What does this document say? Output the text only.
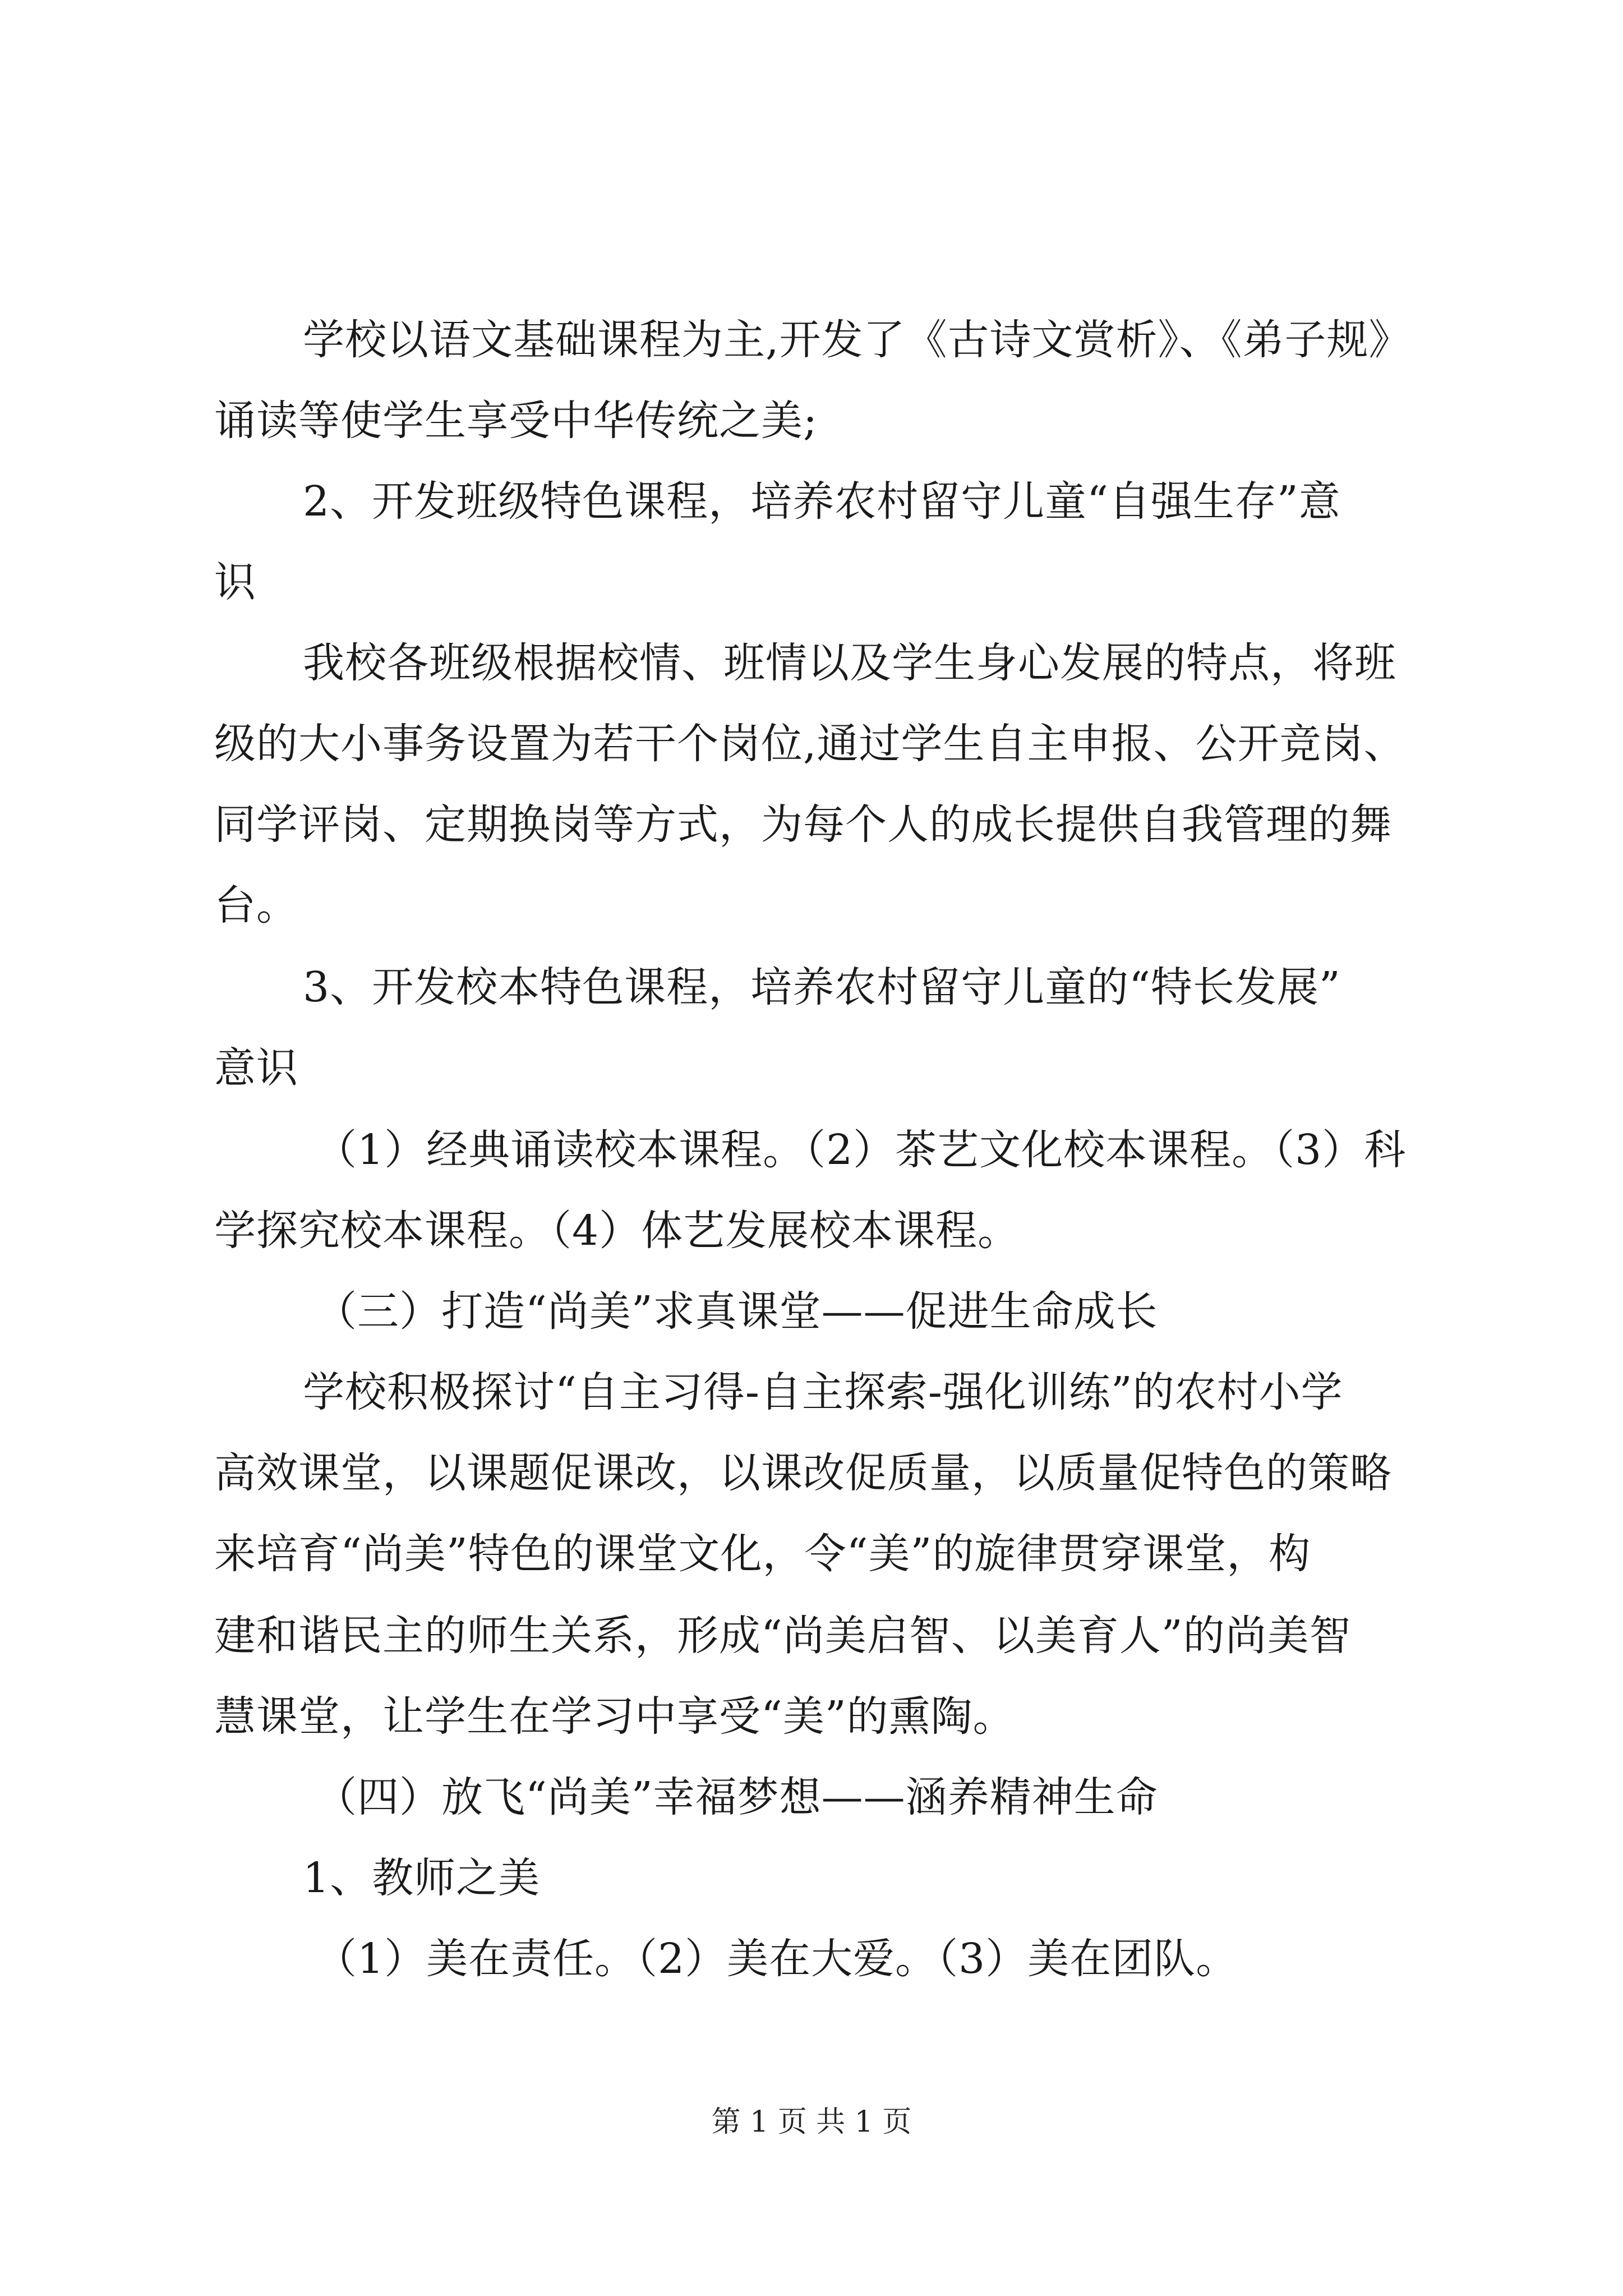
学校以语文基础课程为主,开发了《古诗文赏析》、《弟子规》
诵读等使学生享受中华传统之美;
2、开发班级特色课程，培养农村留守儿童“自强生存”意
识
我校各班级根据校情、班情以及学生身心发展的特点，将班
级的大小事务设置为若干个岗位,通过学生自主申报、公开竞岗、
同学评岗、定期换岗等方式，为每个人的成长提供自我管理的舞
台。
3、开发校本特色课程，培养农村留守儿童的“特长发展”
意识
（1）经典诵读校本课程。（2）茶艺文化校本课程。（3）科
学探究校本课程。（4）体艺发展校本课程。
（三）打造“尚美”求真课堂——促进生命成长
学校积极探讨“自主习得-自主探索-强化训练”的农村小学
高效课堂，以课题促课改，以课改促质量，以质量促特色的策略
来培育“尚美”特色的课堂文化，令“美”的旋律贯穿课堂，构
建和谐民主的师生关系，形成“尚美启智、以美育人”的尚美智
慧课堂，让学生在学习中享受“美”的熏陶。
（四）放飞“尚美”幸福梦想——涵养精神生命
1、教师之美
（1）美在责任。（2）美在大爱。（3）美在团队。
第 1 页 共 1 页
